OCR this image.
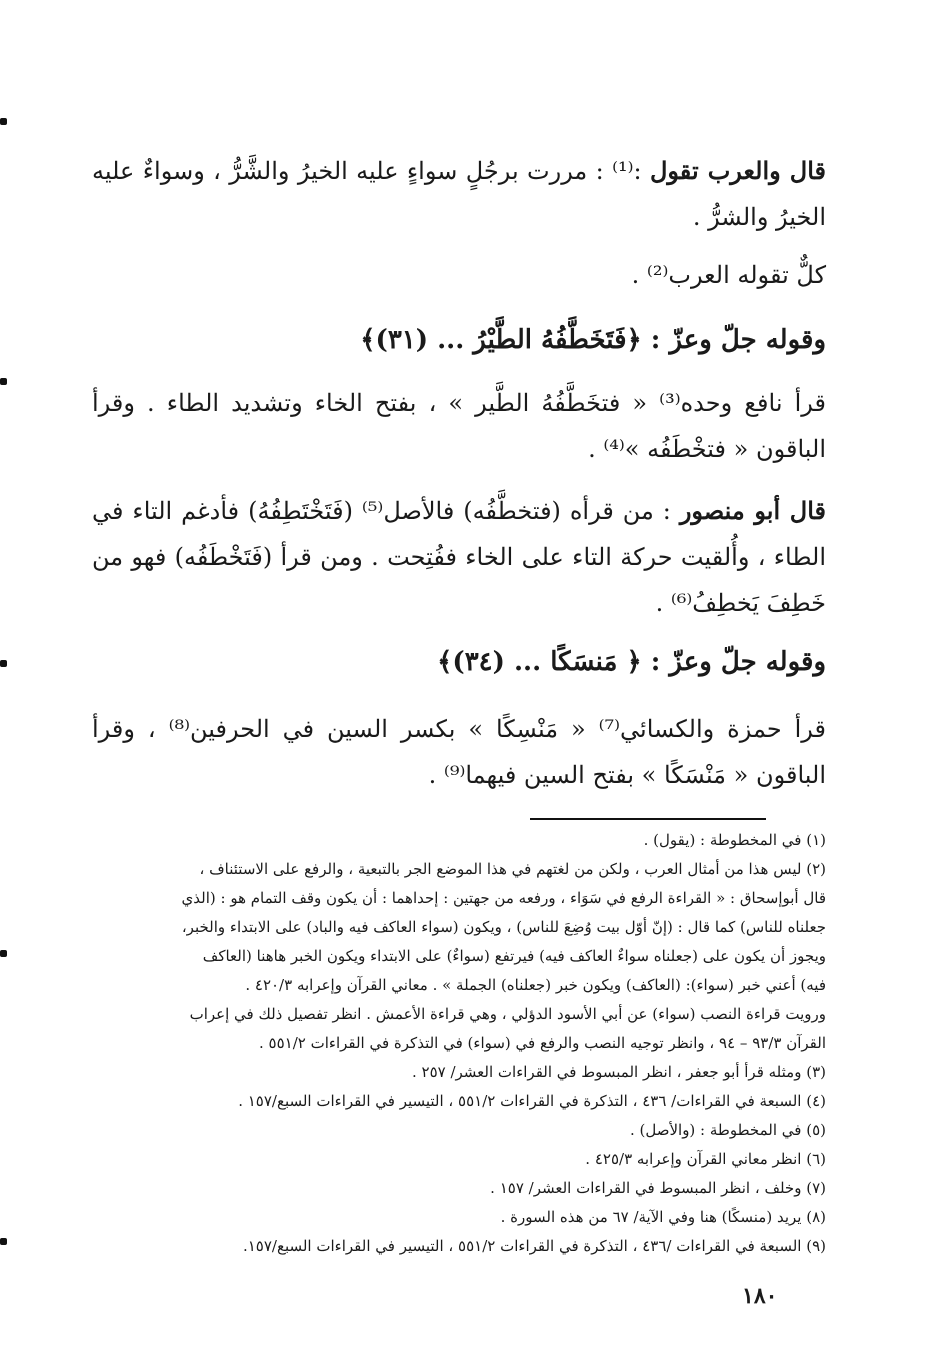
قال والعرب تقول :⁽¹⁾ : مررت برجُلٍ سواءٍ عليه الخيرُ والشَّرُّ ، وسواءٌ عليه الخيرُ والشرُّ .
كلٌّ تقوله العرب⁽²⁾ .
وقوله جلّ وعزّ : ﴿فَتَخَطَّفُهُ الطَّيْرُ ... (٣١)﴾
قرأ نافع وحده⁽³⁾ « فتخَطَّفُهُ الطَّير » ، بفتح الخاء وتشديد الطاء . وقرأ الباقون « فتخْطَفُه »⁽⁴⁾ .
قال أبو منصور : من قرأه (فتخطَّفُه) فالأصل⁽⁵⁾ (فَتَخْتَطِفُهُ) فأدغم التاء في الطاء ، وأُلقيت حركة التاء على الخاء ففُتِحت . ومن قرأ (فَتَخْطَفُه) فهو من خَطِفَ يَخطِفُ⁽⁶⁾ .
وقوله جلّ وعزّ : ﴿ مَنسَكًا ... (٣٤)﴾
قرأ حمزة والكسائي⁽⁷⁾ « مَنْسِكًا » بكسر السين في الحرفين⁽⁸⁾ ، وقرأ الباقون « مَنْسَكًا » بفتح السين فيهما⁽⁹⁾ .
(١) في المخطوطة : (يقول) .
(٢) ليس هذا من أمثال العرب ، ولكن من لغتهم في هذا الموضع الجر بالتبعية ، والرفع على الاستئناف ،
قال أبوإسحاق : « القراءة الرفع في سَوَاء ، ورفعه من جهتين : إحداهما : أن يكون وقف التمام هو : (الذي
جعلناه للناس) كما قال : (إنّ أوّل بيت وُضِعَ للناس) ، ويكون (سواء العاكف فيه والباد) على الابتداء والخبر،
ويجوز أن يكون على (جعلناه سواءٌ العاكف فيه) فيرتفع (سواءٌ) على الابتداء ويكون الخبر هاهنا (العاكف
فيه) أعني خبر (سواء): (العاكف) ويكون خبر (جعلناه) الجملة » . معاني القرآن وإعرابه ٤٢٠/٣ .
ورويت قراءة النصب (سواء) عن أبي الأسود الدؤلي ، وهي قراءة الأعمش . انظر تفصيل ذلك في إعراب
القرآن ٩٣/٣ – ٩٤ ، وانظر توجيه النصب والرفع في (سواء) في التذكرة في القراءات ٥٥١/٢ .
(٣) ومثله قرأ أبو جعفر ، انظر المبسوط في القراءات العشر/ ٢٥٧ .
(٤) السبعة في القراءات/ ٤٣٦ ، التذكرة في القراءات ٥٥١/٢ ، التيسير في القراءات السبع/١٥٧ .
(٥) في المخطوطة : (والأصل) .
(٦) انظر معاني القرآن وإعرابه ٤٢٥/٣ .
(٧) وخلف ، انظر المبسوط في القراءات العشر/ ١٥٧ .
(٨) يريد (منسكًا) هنا وفي الآية/ ٦٧ من هذه السورة .
(٩) السبعة في القراءات /٤٣٦ ، التذكرة في القراءات ٥٥١/٢ ، التيسير في القراءات السبع/١٥٧.
١٨٠
